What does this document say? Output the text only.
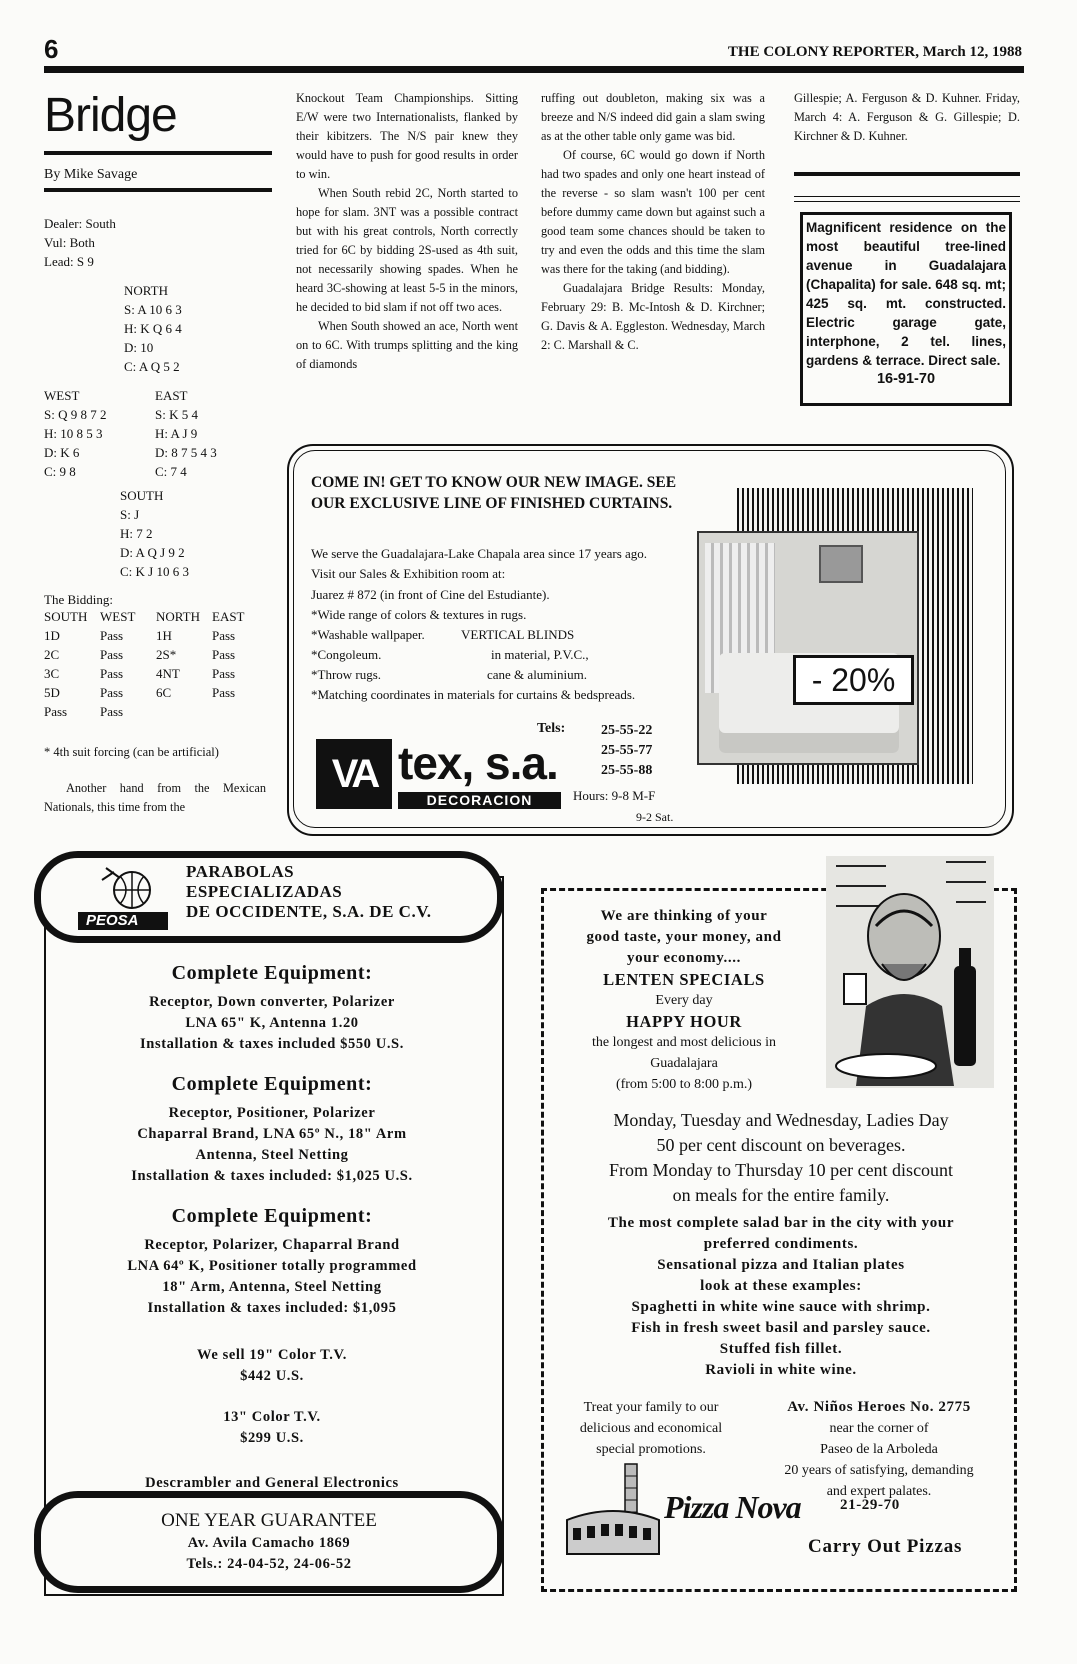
6	THE COLONY REPORTER, March 12, 1988
Bridge
By Mike Savage
Dealer: South
Vul: Both
Lead: S 9
NORTH
S: A 10 6 3
H: K Q 6 4
D: 10
C: A Q 5 2
WEST
S: Q 9 8 7 2
H: 10 8 5 3
D: K 6
C: 9 8
EAST
S: K 5 4
H: A J 9
D: 8 7 5 4 3
C: 7 4
SOUTH
S: J
H: 7 2
D: A Q J 9 2
C: K J 10 6 3
The Bidding:
SOUTH	WEST	NORTH	EAST
1D	Pass	1H	Pass
2C	Pass	2S*	Pass
3C	Pass	4NT	Pass
5D	Pass	6C	Pass
Pass	Pass		
* 4th suit forcing (can be artificial)
Another hand from the Mexican Nationals, this time from the

Knockout Team Championships. Sitting E/W were two Internationalists, flanked by their kibitzers. The N/S pair knew they would have to push for good results in order to win.

When South rebid 2C, North started to hope for slam. 3NT was a possible contract but with his great controls, North correctly tried for 6C by bidding 2S-used as 4th suit, not necessarily showing spades. When he heard 3C-showing at least 5-5 in the minors, he decided to bid slam if not off two aces.

When South showed an ace, North went on to 6C. With trumps splitting and the king of diamonds

ruffing out doubleton, making six was a breeze and N/S indeed did gain a slam swing as at the other table only game was bid.

Of course, 6C would go down if North had two spades and only one heart instead of the reverse - so slam wasn't 100 per cent before dummy came down but against such a good team some chances should be taken to try and even the odds and this time the slam was there for the taking (and bidding).

Guadalajara Bridge Results: Monday, February 29: B. Mc-Intosh & D. Kirchner; G. Davis & A. Eggleston. Wednesday, March 2: C. Marshall & C.

Gillespie; A. Ferguson & D. Kuhner. Friday, March 4: A. Ferguson & G. Gillespie; D. Kirchner & D. Kuhner.
Magnificent residence on the most beautiful tree-lined avenue in Guadalajara (Chapalita) for sale. 648 sq. mt; 425 sq. mt. constructed. Electric garage gate, interphone, 2 tel. lines, gardens & terrace. Direct sale.
16-91-70
COME IN! GET TO KNOW OUR NEW IMAGE. SEE OUR EXCLUSIVE LINE OF FINISHED CURTAINS.
We serve the Guadalajara-Lake Chapala area since 17 years ago. Visit our Sales & Exhibition room at:
Juarez # 872 (in front of Cine del Estudiante).
*Wide range of colors & textures in rugs.
*Washable wallpaper.	VERTICAL BLINDS
*Congoleum.	in material, P.V.C.,
*Throw rugs.	cane & aluminium.
*Matching coordinates in materials for curtains & bedspreads.
Tels:	25-55-22
25-55-77
25-55-88
Hours: 9-8 M-F
9-2 Sat.
VA tex, s.a.
DECORACION
- 20%
PEOSA
PARABOLAS
ESPECIALIZADAS
DE OCCIDENTE, S.A. DE C.V.
Complete Equipment:
Receptor, Down converter, Polarizer
LNA 65" K, Antenna 1.20
Installation & taxes included $550 U.S.
Complete Equipment:
Receptor, Positioner, Polarizer
Chaparral Brand, LNA 65º N., 18" Arm
Antenna, Steel Netting
Installation & taxes included: $1,025 U.S.
Complete Equipment:
Receptor, Polarizer, Chaparral Brand
LNA 64º K, Positioner totally programmed
18" Arm, Antenna, Steel Netting
Installation & taxes included: $1,095
We sell 19" Color T.V.
$442 U.S.
13" Color T.V.
$299 U.S.
Descrambler and General Electronics
ONE YEAR GUARANTEE
Av. Avila Camacho 1869
Tels.: 24-04-52, 24-06-52
We are thinking of your
good taste, your money, and
your economy....
LENTEN SPECIALS
Every day
HAPPY HOUR
the longest and most delicious in
Guadalajara
(from 5:00 to 8:00 p.m.)
Monday, Tuesday and Wednesday, Ladies Day
50 per cent discount on beverages.
From Monday to Thursday 10 per cent discount
on meals for the entire family.
The most complete salad bar in the city with your
preferred condiments.
Sensational pizza and Italian plates
look at these examples:
Spaghetti in white wine sauce with shrimp.
Fish in fresh sweet basil and parsley sauce.
Stuffed fish fillet.
Ravioli in white wine.
Treat your family to our
delicious and economical
special promotions.
Av. Niños Heroes No. 2775
near the corner of
Paseo de la Arboleda
20 years of satisfying, demanding
and expert palates.
Pizza Nova	21-29-70
Carry Out Pizzas
